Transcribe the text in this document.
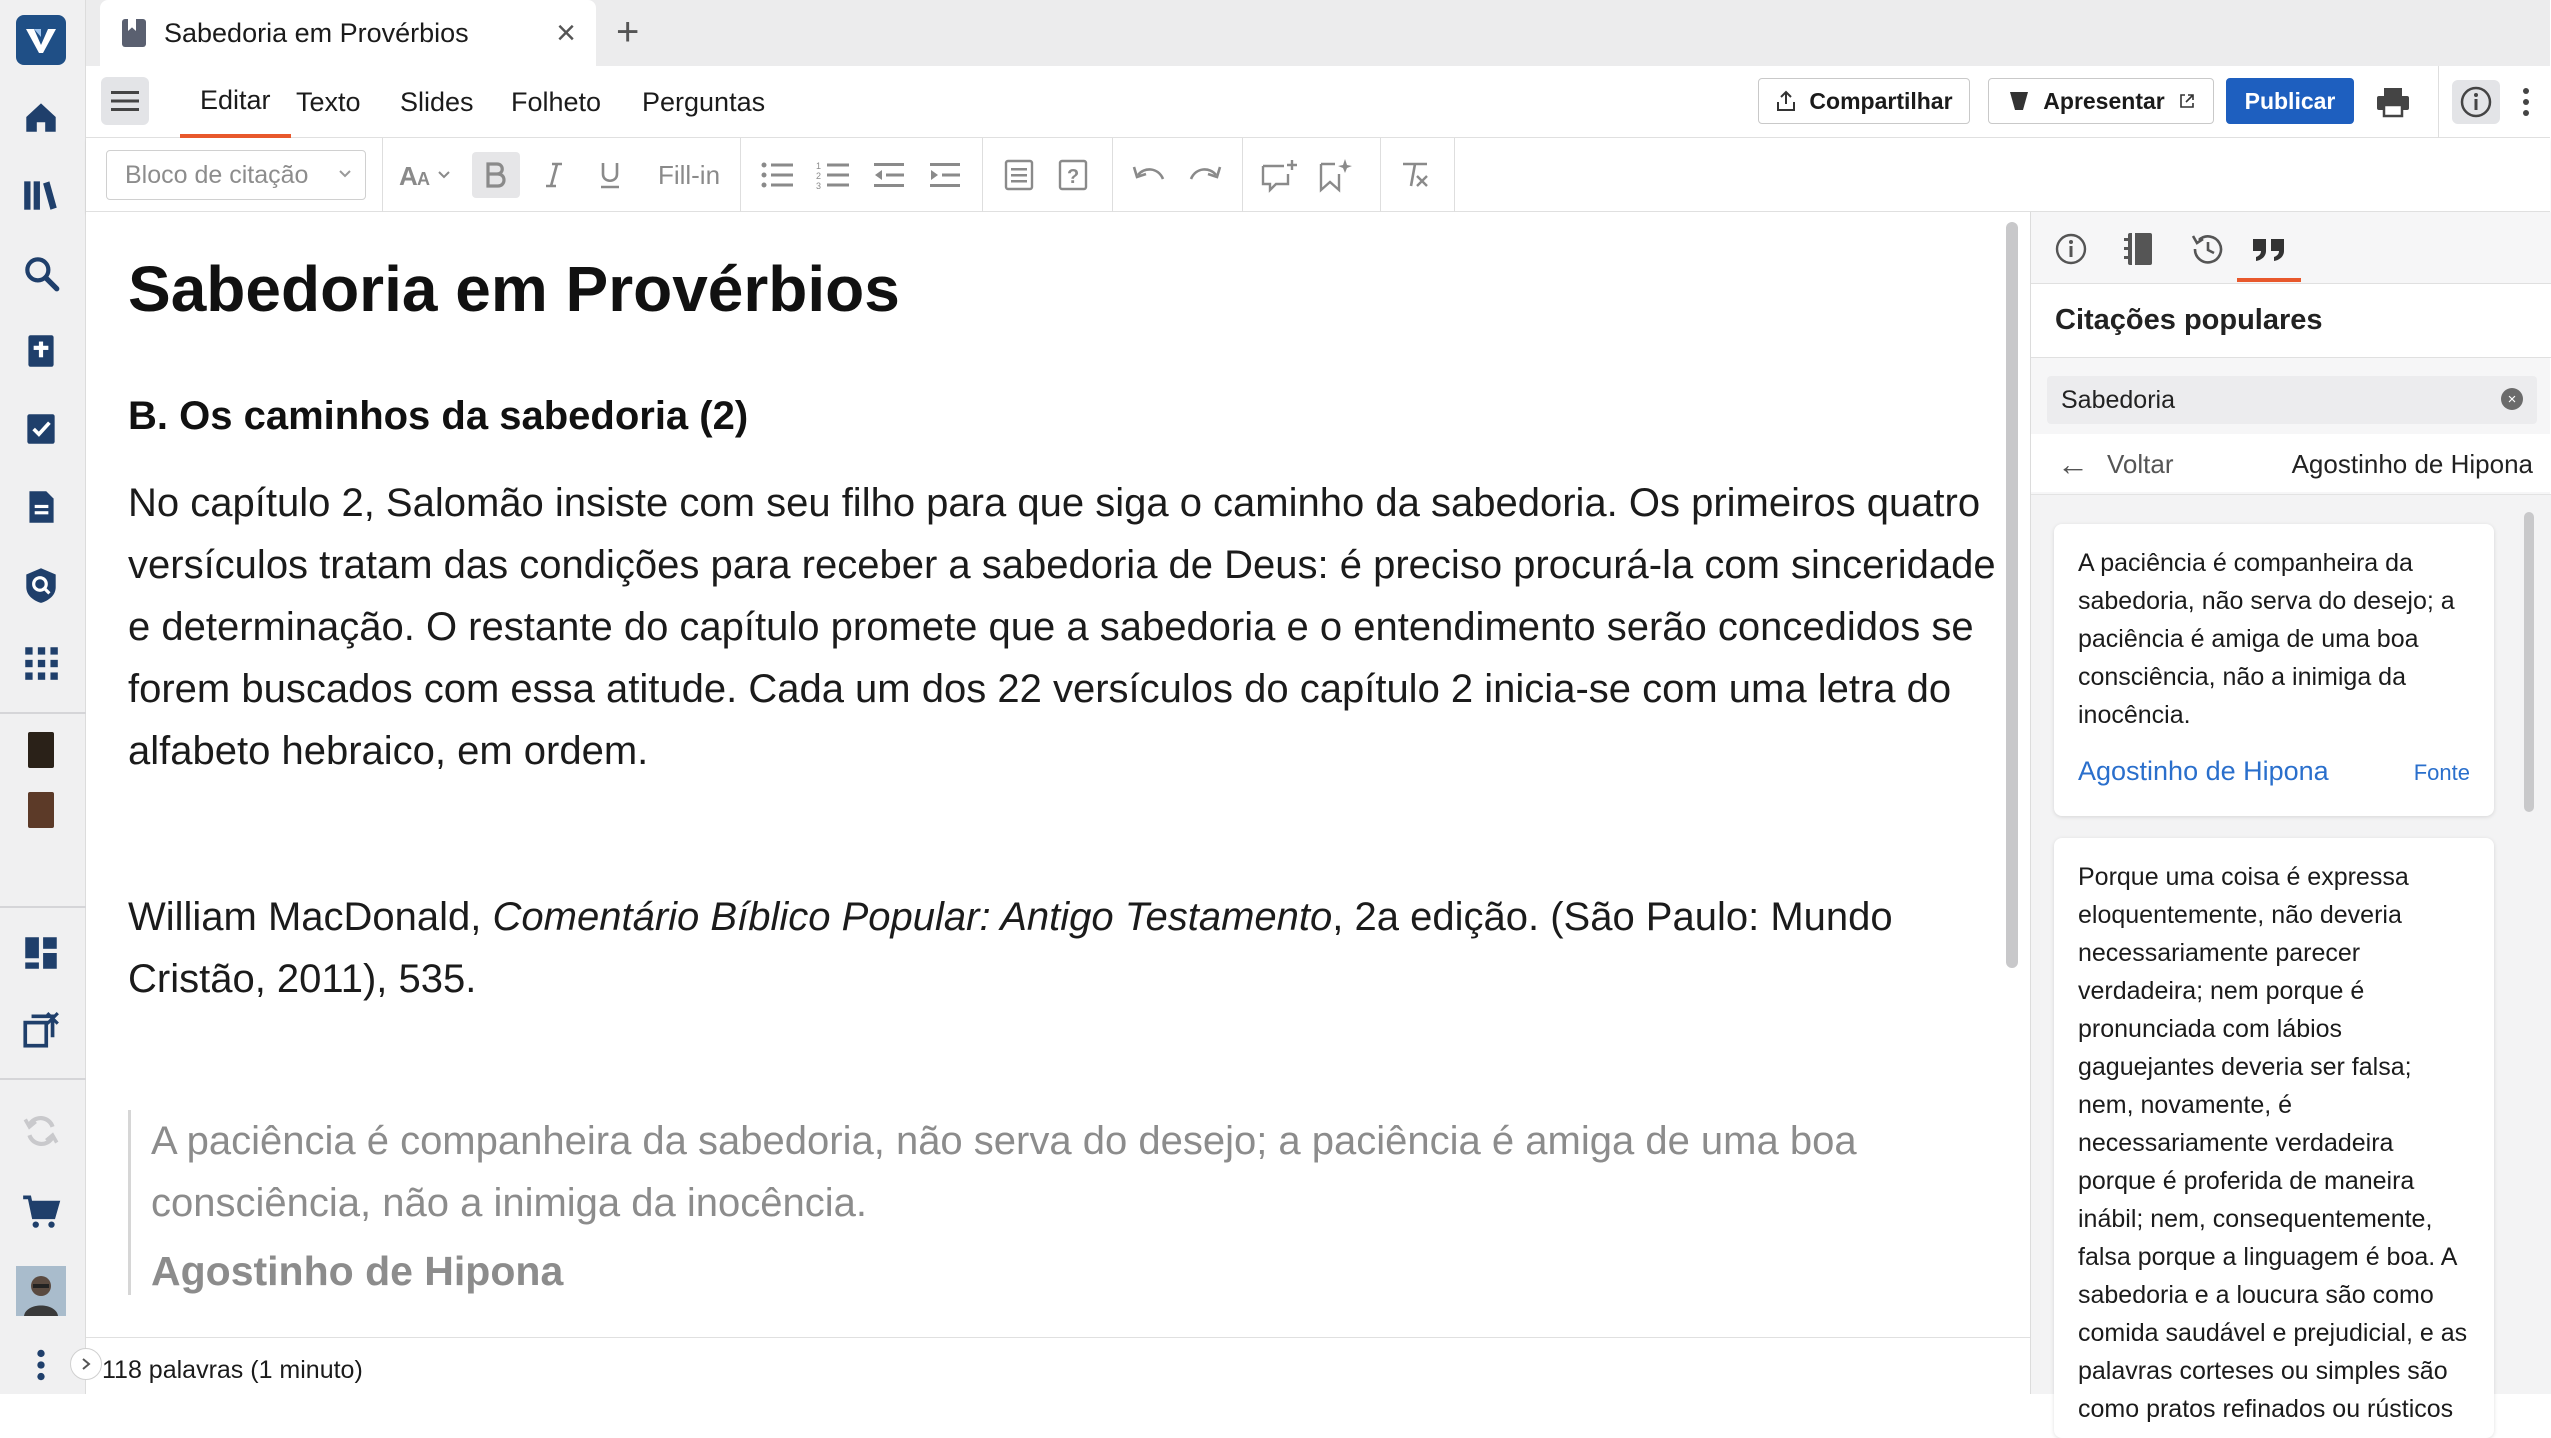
Sabedoria em Provérbios	× +
Editar Texto Slides Folheto Perguntas	Compartilhar	Apresentar	Publicar
Bloco de citação	A A	Fill-in	1
2
3	?
Sabedoria em Provérbios
B. Os caminhos da sabedoria (2)
No capítulo 2, Salomão insiste com seu filho para que siga o caminho da sabedoria. Os primeiros quatro versículos tratam das condições para receber a sabedoria de Deus: é preciso procurá-la com sinceridade e determinação. O restante do capítulo promete que a sabedoria e o entendimento serão concedidos se forem buscados com essa atitude. Cada um dos 22 versículos do capítulo 2 inicia-se com uma letra do alfabeto hebraico, em ordem.
William MacDonald, Comentário Bíblico Popular: Antigo Testamento, 2a edição. (São Paulo: Mundo Cristão, 2011), 535.
A paciência é companheira da sabedoria, não serva do desejo; a paciência é amiga de uma boa consciência, não a inimiga da inocência.
Agostinho de Hipona
118 palavras (1 minuto)
Citações populares
Sabedoria	×
← Voltar	Agostinho de Hipona
A paciência é companheira da sabedoria, não serva do desejo; a paciência é amiga de uma boa consciência, não a inimiga da inocência.
Agostinho de Hipona	Fonte
Porque uma coisa é expressa eloquentemente, não deveria necessariamente parecer verdadeira; nem porque é pronunciada com lábios gaguejantes deveria ser falsa; nem, novamente, é necessariamente verdadeira porque é proferida de maneira inábil; nem, consequentemente, falsa porque a linguagem é boa. A sabedoria e a loucura são como comida saudável e prejudicial, e as palavras corteses ou simples são como pratos refinados ou rústicos
